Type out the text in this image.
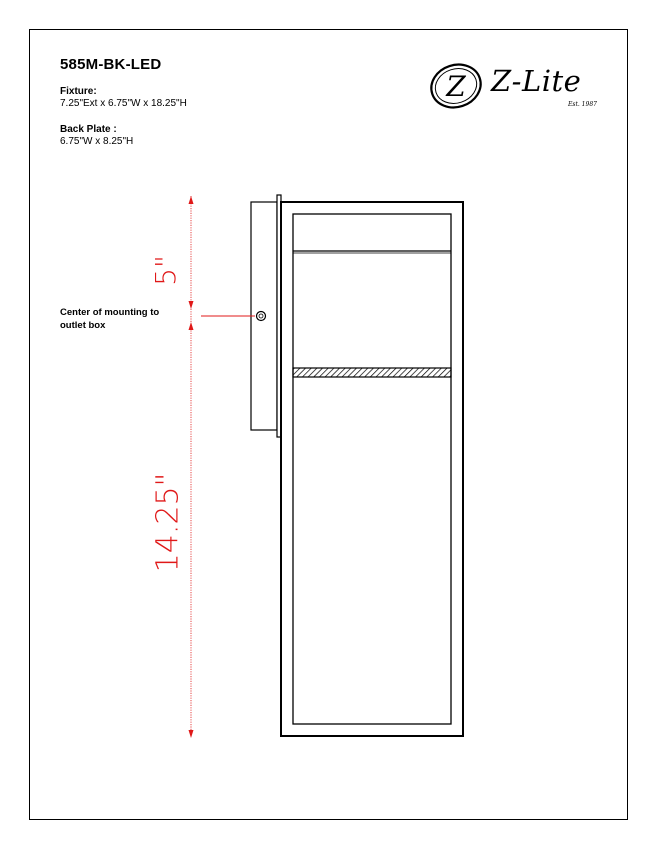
585M-BK-LED
Fixture:
7.25"Ext x 6.75"W x 18.25"H
Back Plate :
6.75"W x 8.25"H
Z Z-Lite
Est. 1987
Center of mounting to outlet box
5"
14.25"
